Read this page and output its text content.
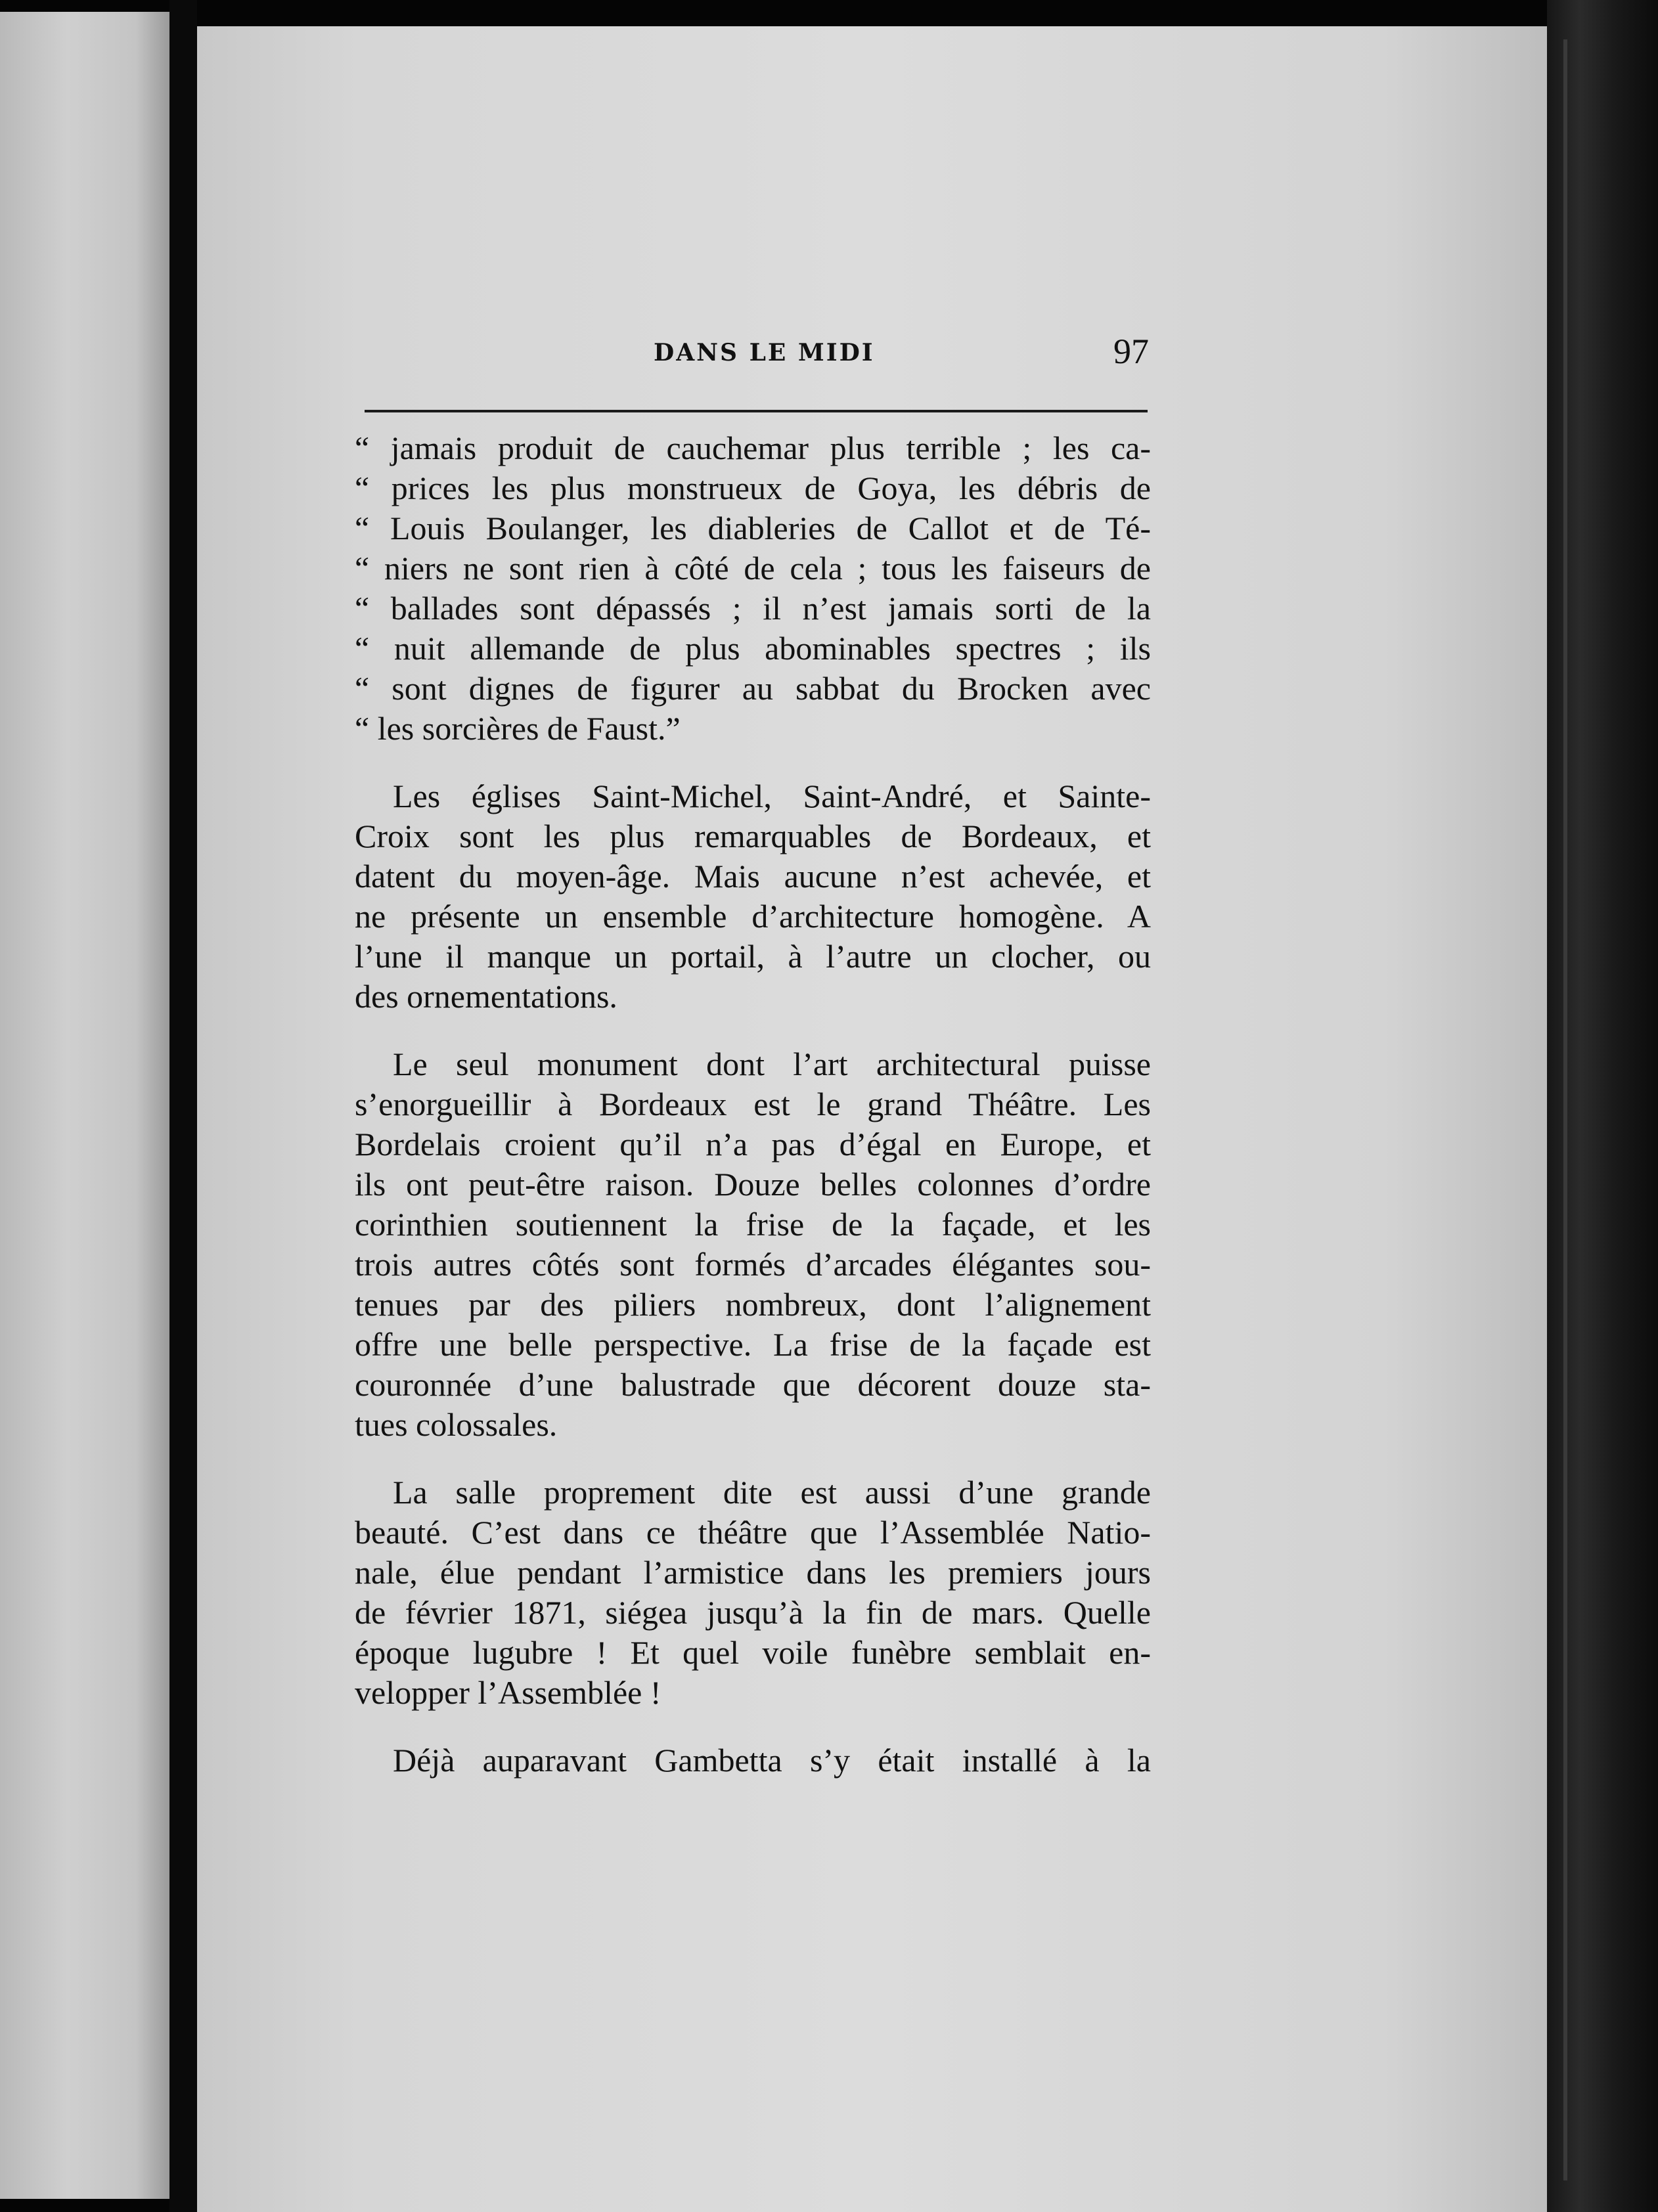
DANS LE MIDI	97
“ jamais produit de cauchemar plus terrible ; les ca-
“ prices les plus monstrueux de Goya, les débris de
“ Louis Boulanger, les diableries de Callot et de Té-
“ niers ne sont rien à côté de cela ; tous les faiseurs de
“ ballades sont dépassés ; il n’est jamais sorti de la
“ nuit allemande de plus abominables spectres ; ils
“ sont dignes de figurer au sabbat du Brocken avec
“ les sorcières de Faust.”
Les églises Saint-Michel, Saint-André, et Sainte-
Croix sont les plus remarquables de Bordeaux, et
datent du moyen-âge. Mais aucune n’est achevée, et
ne présente un ensemble d’architecture homogène. A
l’une il manque un portail, à l’autre un clocher, ou
des ornementations.
Le seul monument dont l’art architectural puisse
s’enorgueillir à Bordeaux est le grand Théâtre. Les
Bordelais croient qu’il n’a pas d’égal en Europe, et
ils ont peut-être raison. Douze belles colonnes d’ordre
corinthien soutiennent la frise de la façade, et les
trois autres côtés sont formés d’arcades élégantes sou-
tenues par des piliers nombreux, dont l’alignement
offre une belle perspective. La frise de la façade est
couronnée d’une balustrade que décorent douze sta-
tues colossales.
La salle proprement dite est aussi d’une grande
beauté. C’est dans ce théâtre que l’Assemblée Natio-
nale, élue pendant l’armistice dans les premiers jours
de février 1871, siégea jusqu’à la fin de mars. Quelle
époque lugubre ! Et quel voile funèbre semblait en-
velopper l’Assemblée !
Déjà auparavant Gambetta s’y était installé à la
